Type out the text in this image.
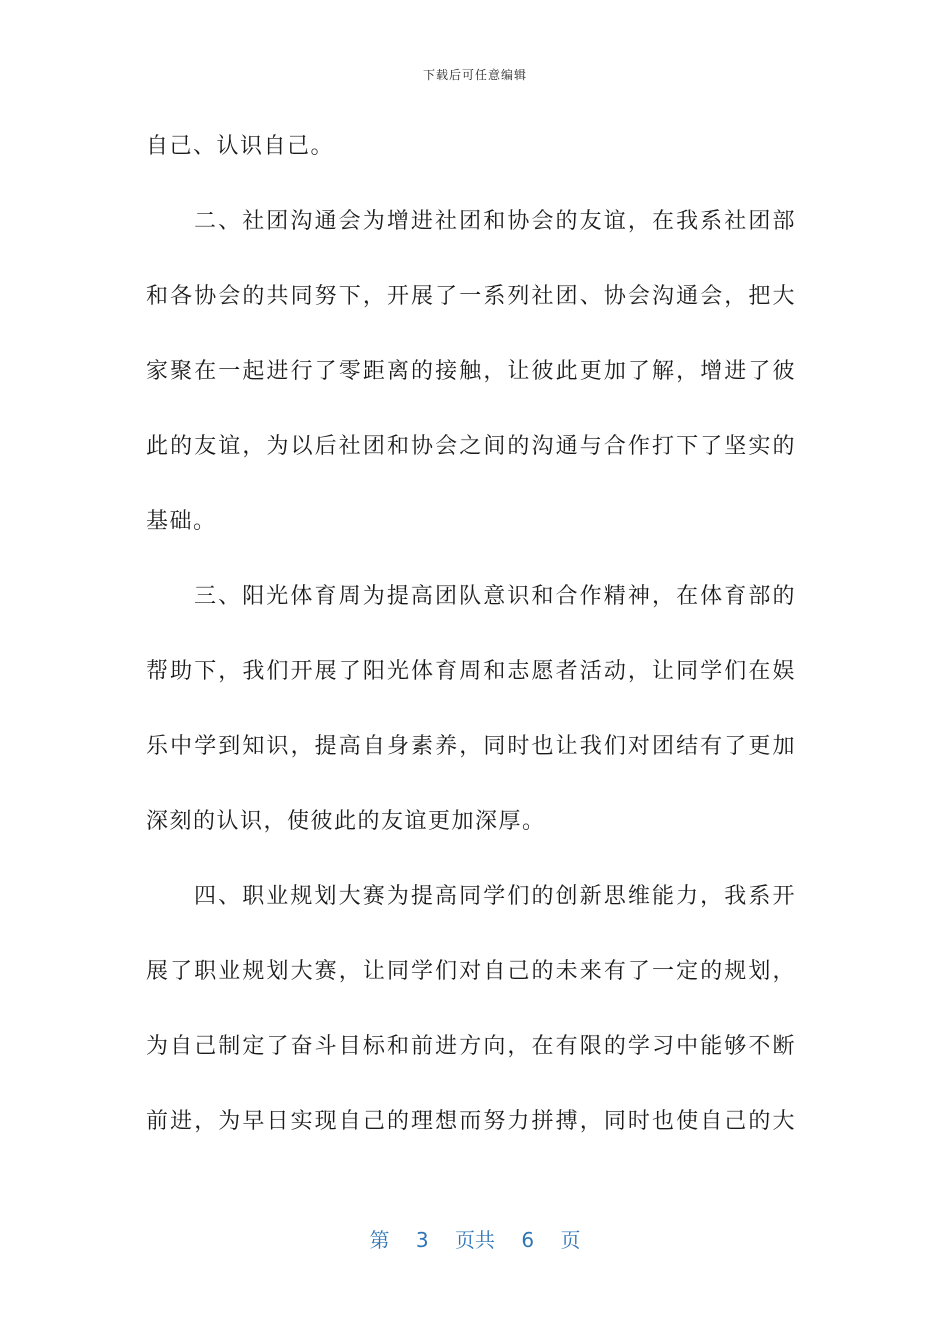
下载后可任意编辑
自己、认识自己。
二、社团沟通会为增进社团和协会的友谊，在我系社团部
和各协会的共同努下，开展了一系列社团、协会沟通会，把大
家聚在一起进行了零距离的接触，让彼此更加了解，增进了彼
此的友谊，为以后社团和协会之间的沟通与合作打下了坚实的
基础。
三、阳光体育周为提高团队意识和合作精神，在体育部的
帮助下，我们开展了阳光体育周和志愿者活动，让同学们在娱
乐中学到知识，提高自身素养，同时也让我们对团结有了更加
深刻的认识，使彼此的友谊更加深厚。
四、职业规划大赛为提高同学们的创新思维能力，我系开
展了职业规划大赛，让同学们对自己的未来有了一定的规划，
为自己制定了奋斗目标和前进方向，在有限的学习中能够不断
前进，为早日实现自己的理想而努力拼搏，同时也使自己的大
第 3 页共 6 页
